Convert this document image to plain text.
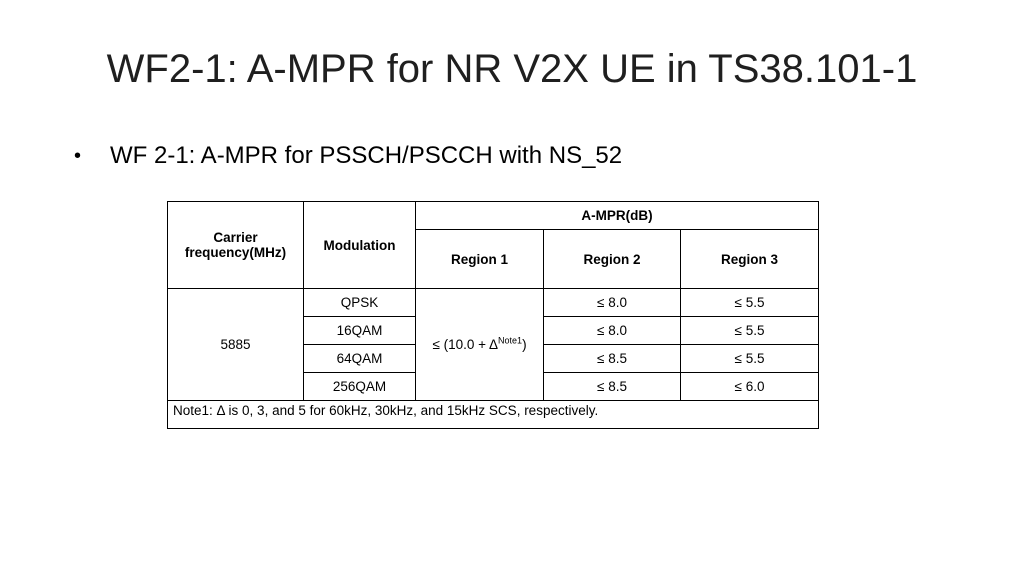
WF2-1: A-MPR for NR V2X UE in TS38.101-1
•	WF 2-1: A-MPR for PSSCH/PSCCH with NS_52
Carrier frequency(MHz)	Modulation	A-MPR(dB)		
		Region 1	Region 2	Region 3
5885	QPSK	≤ (10.0 + Δ$^{Note1}$)	≤ 8.0	≤ 5.5
	16QAM		≤ 8.0	≤ 5.5
	64QAM		≤ 8.5	≤ 5.5
	256QAM		≤ 8.5	≤ 6.0
Note1: Δ is 0, 3, and 5 for 60kHz, 30kHz, and 15kHz SCS, respectively.				
